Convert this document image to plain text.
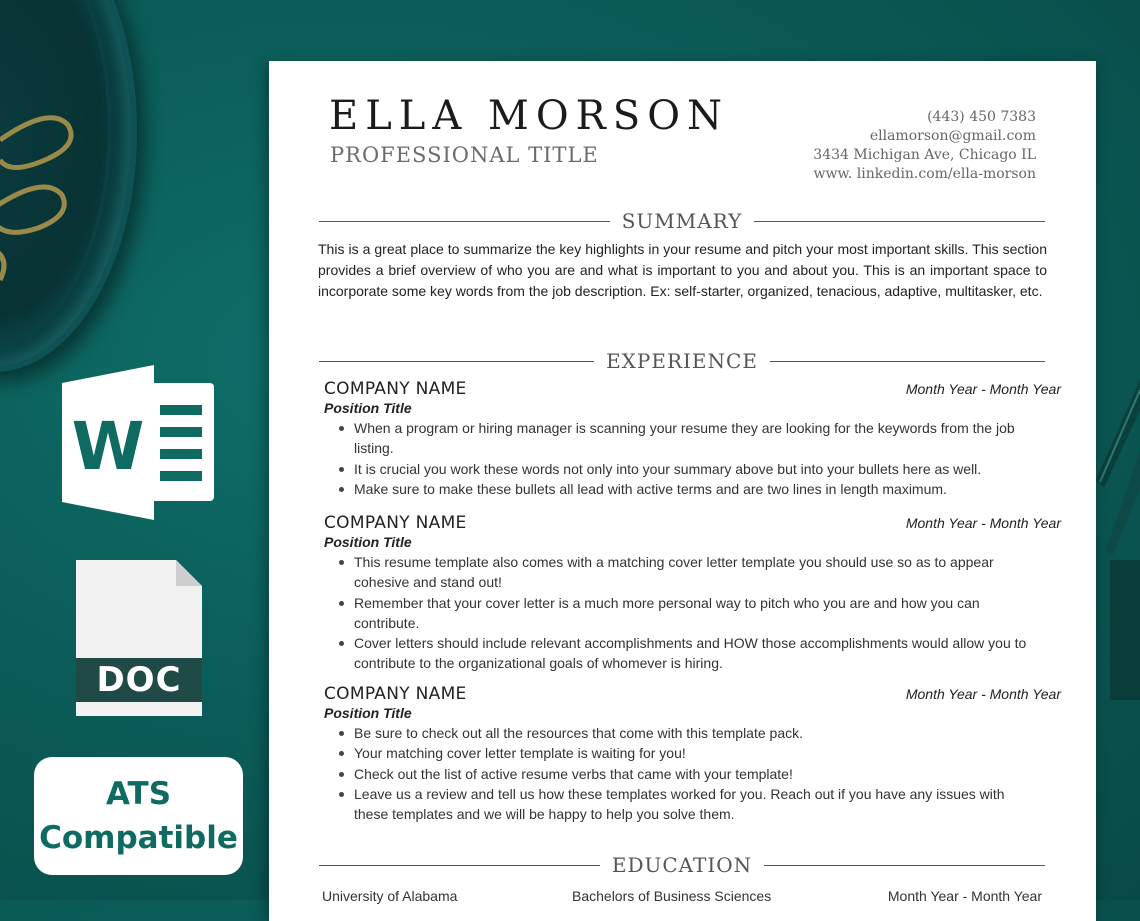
W
DOC
ATS
Compatible
ELLA MORSON
PROFESSIONAL TITLE
(443) 450 7383
ellamorson@gmail.com
3434 Michigan Ave, Chicago IL
www. linkedin.com/ella-morson
SUMMARY
This is a great place to summarize the key highlights in your resume and pitch your most important skills. This section provides a brief overview of who you are and what is important to you and about you. This is an important space to incorporate some key words from the job description. Ex: self-starter, organized, tenacious, adaptive, multitasker, etc.
EXPERIENCE
COMPANY NAME	Month Year - Month Year
Position Title
When a program or hiring manager is scanning your resume they are looking for the keywords from the job listing.
It is crucial you work these words not only into your summary above but into your bullets here as well.
Make sure to make these bullets all lead with active terms and are two lines in length maximum.
COMPANY NAME	Month Year - Month Year
Position Title
This resume template also comes with a matching cover letter template you should use so as to appear cohesive and stand out!
Remember that your cover letter is a much more personal way to pitch who you are and how you can contribute.
Cover letters should include relevant accomplishments and HOW those accomplishments would allow you to contribute to the organizational goals of whomever is hiring.
COMPANY NAME	Month Year - Month Year
Position Title
Be sure to check out all the resources that come with this template pack.
Your matching cover letter template is waiting for you!
Check out the list of active resume verbs that came with your template!
Leave us a review and tell us how these templates worked for you. Reach out if you have any issues with these templates and we will be happy to help you solve them.
EDUCATION
University of Alabama	Bachelors of Business Sciences	Month Year - Month Year
